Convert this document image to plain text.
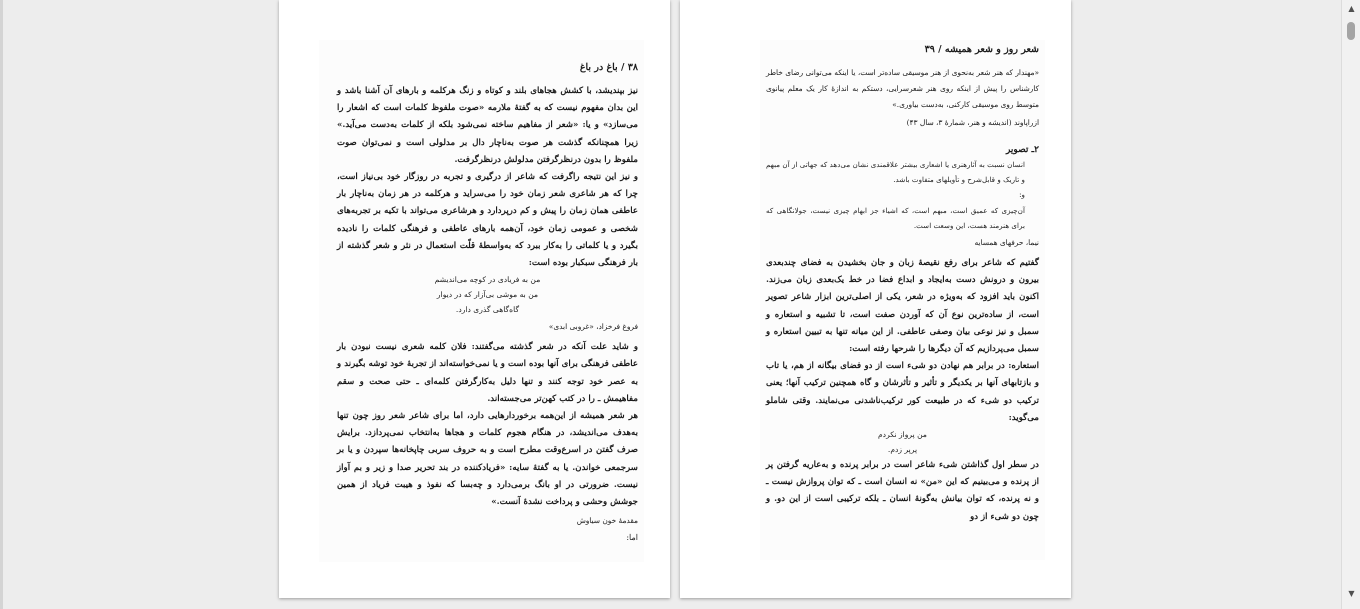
۳۸ / باغ در باغ

نیز بپندیشد، با کشش هجاهای بلند و کوتاه و زنگ هرکلمه و بارهای آن آشنا باشد و این بدان مفهوم نیست که به گفتهٔ ملارمه «صوت ملفوظ کلمات است که اشعار را می‌سازد» و یا: «شعر از مفاهیم ساخته نمی‌شود بلکه از کلمات به‌دست می‌آید.» زیرا همچنانکه گذشت هر صوت به‌ناچار دال بر مدلولی است و نمی‌توان صوت ملفوظ را بدون درنظرگرفتن مدلولش درنظرگرفت.

و نیز این نتیجه راگرفت که شاعر از درگیری و تجربه در روزگار خود بی‌نیاز است، چرا که هر شاعری شعر زمان خود را می‌سراید و هرکلمه در هر زمان به‌ناچار بار عاطفی همان زمان را پیش و کم درپردارد و هرشاعری می‌تواند با تکیه بر تجربه‌های شخصی و عمومی زمان خود، آن‌همه بارهای عاطفی و فرهنگی کلمات را نادیده بگیرد و یا کلماتی را به‌کار ببرد که به‌واسطهٔ قلّت استعمال در نثر و شعر گذشته از بار فرهنگی سبکبار بوده است:

من به فریادی در کوچه می‌اندیشم
من به موشی بی‌آزار که در دیوار
گاه‌گاهی گذری دارد.
فروغ فرخزاد، «غروبی ابدی»

و شاید علت آنکه در شعر گذشته می‌گفتند: فلان کلمه شعری نیست نبودن بار عاطفی فرهنگی برای آنها بوده است و یا نمی‌خواسته‌اند از تجربهٔ خود توشه بگیرند و به عصر خود توجه کنند و تنها دلیل به‌کارگرفتن کلمه‌ای ـ حتی صحت و سقم مفاهیمش ـ را در کتب کهن‌تر می‌جسته‌اند.

هر شعر همیشه از این‌همه برخوردارهایی دارد، اما برای شاعر شعر روز چون تنها به‌هدف می‌اندیشد، در هنگام هجوم کلمات و هجاها به‌انتخاب نمی‌پردازد. برایش صرف گفتن در اسرع‌وقت مطرح است و به حروف سربی چاپخانه‌ها سپردن و یا بر سرجمعی خواندن. یا به گفتهٔ سایه: «فریادکننده در بند تحریر صدا و زیر و بم آواز نیست. ضرورتی در او بانگ برمی‌دارد و چه‌بسا که نفوذ و هیبت فریاد از همین جوشش وحشی و پرداخت نشدهٔ آنست.»

مقدمهٔ خون سیاوش
اما:
شعر روز و شعر همیشه / ۳۹

«مهندار که هنر شعر به‌نحوی از هنر موسیقی ساده‌تر است، یا اینکه می‌توانی رضای خاطر کارشناس را پیش از اینکه روی هنر شعرسرایی، دستکم به اندازهٔ کار یک معلم پیانوی متوسط روی موسیقی کارکنی، به‌دست بیاوری.»

ازراپاوند (اندیشه و هنر، شمارهٔ ۳، سال ۴۳)
۲ـ تصویر

انسان نسبت به آثارهنری یا اشعاری بیشتر علاقمندی نشان می‌دهد که جهاتی از آن مبهم و تاریک و قابل‌شرح و تأویلهای متفاوت باشد.

و:

آن‌چیزی که عمیق است، مبهم است، که اشیاء جز ابهام چیزی نیست، جولانگاهی که برای هنرمند هست، این وسعت است.

نیما، حرفهای همسایه

گفتیم که شاعر برای رفع نقیصهٔ زبان و جان بخشیدن به فضای چندبعدی بیرون و درونش دست به‌ایجاد و ابداع فضا در خط یک‌بعدی زبان می‌زند. اکنون باید افزود که به‌ویژه در شعر، یکی از اصلی‌ترین ابزار شاعر تصویر است، از ساده‌ترین نوع آن که آوردن صفت است، تا تشبیه و استعاره و سمبل و نیز نوعی بیان وصفی عاطفی. از این میانه تنها به تبیین استعاره و سمبل می‌پردازیم که آن دیگرها را شرحها رفته است:

استعاره: در برابر هم نهادن دو شیء است از دو فضای بیگانه از هم، یا تاب و بازتابهای آنها بر یکدیگر و تأثیر و تأثرشان و گاه همچنین ترکیب آنها؛ یعنی ترکیب دو شیء که در طبیعت کور ترکیب‌ناشدنی می‌نمایند. وقتی شاملو می‌گوید:

من پرواز نکردم
پرپر زدم.

در سطر اول گذاشتن شیء شاعر است در برابر پرنده و به‌عاریه گرفتن پر از پرنده و می‌بینیم که این «من» نه انسان است ـ که توان پروازش نیست ـ و نه پرنده، که توان بیانش به‌گونهٔ انسان ـ بلکه ترکیبی است از این دو. و چون دو شیء از دو

▲
▼
